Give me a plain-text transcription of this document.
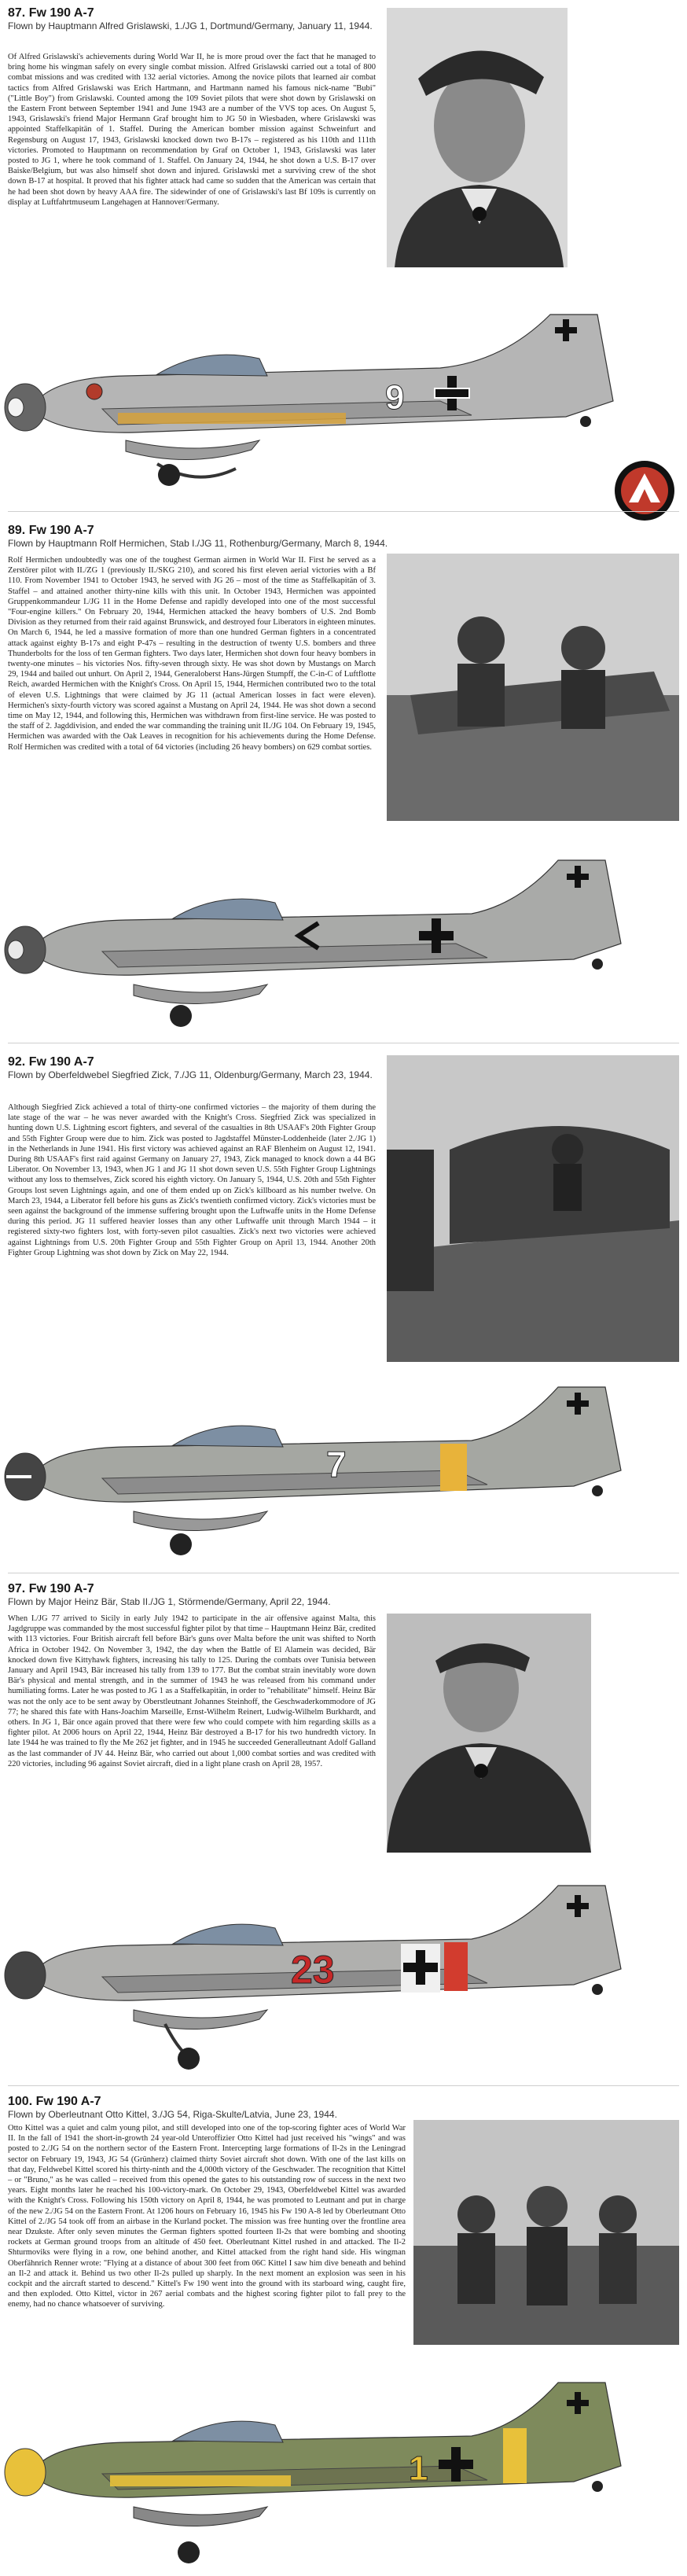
87. Fw 190 A-7
Flown by Hauptmann Alfred Grislawski, 1./JG 1, Dortmund/Germany, January 11, 1944.

Of Alfred Grislawski's achievements during World War II, he is more proud over the fact that he managed to bring home his wingman safely on every single combat mission. Alfred Grislawski carried out a total of 800 combat missions and was credited with 132 aerial victories. Among the novice pilots that learned air combat tactics from Alfred Grislawski was Erich Hartmann, and Hartmann named his famous nick-name "Bubi" ("Little Boy") from Grislawski. Counted among the 109 Soviet pilots that were shot down by Grislawski on the Eastern Front between September 1941 and June 1943 are a number of the VVS top aces. On August 5, 1943, Grislawski's friend Major Hermann Graf brought him to JG 50 in Wiesbaden, where Grislawski was appointed Staffelkapitän of 1. Staffel. During the American bomber mission against Schweinfurt and Regensburg on August 17, 1943, Grislawski knocked down two B-17s – registered as his 110th and 111th victories. Promoted to Hauptmann on recommendation by Graf on October 1, 1943, Grislawski was later posted to JG 1, where he took command of 1. Staffel. On January 24, 1944, he shot down a U.S. B-17 over Baiske/Belgium, but was also himself shot down and injured. Grislawski met a surviving crew of the shot down B-17 at hospital. It proved that his fighter attack had came so sudden that the American was certain that he had been shot down by heavy AAA fire. The sidewinder of one of Grislawski's last Bf 109s is currently on display at Luftfahrtmuseum Langehagen at Hannover/Germany.

9
89. Fw 190 A-7
Flown by Hauptmann Rolf Hermichen, Stab I./JG 11, Rothenburg/Germany, March 8, 1944.

Rolf Hermichen undoubtedly was one of the toughest German airmen in World War II. First he served as a Zerstörer pilot with II./ZG 1 (previously II./SKG 210), and scored his first eleven aerial victories with a Bf 110. From November 1941 to October 1943, he served with JG 26 – most of the time as Staffelkapitän of 3. Staffel – and attained another thirty-nine kills with this unit. In October 1943, Hermichen was appointed Gruppenkommandeur I./JG 11 in the Home Defense and rapidly developed into one of the most successful "Four-engine killers." On February 20, 1944, Hermichen attacked the heavy bombers of U.S. 2nd Bomb Division as they returned from their raid against Brunswick, and destroyed four Liberators in eighteen minutes. On March 6, 1944, he led a massive formation of more than one hundred German fighters in a concentrated attack against eighty B-17s and eight P-47s – resulting in the destruction of twenty U.S. bombers and three Thunderbolts for the loss of ten German fighters. Two days later, Hermichen shot down four heavy bombers in twenty-one minutes – his victories Nos. fifty-seven through sixty. He was shot down by Mustangs on March 29, 1944 and bailed out unhurt. On April 2, 1944, Generaloberst Hans-Jürgen Stumpff, the C-in-C of Luftflotte Reich, awarded Hermichen with the Knight's Cross. On April 15, 1944, Hermichen contributed two to the total of eleven U.S. Lightnings that were claimed by JG 11 (actual American losses in fact were eleven). Hermichen's sixty-fourth victory was scored against a Mustang on April 24, 1944. He was shot down a second time on May 12, 1944, and following this, Hermichen was withdrawn from first-line service. He was posted to the staff of 2. Jagddivision, and ended the war commanding the training unit II./JG 104. On February 19, 1945, Hermichen was awarded with the Oak Leaves in recognition for his achievements during the Home Defense. Rolf Hermichen was credited with a total of 64 victories (including 26 heavy bombers) on 629 combat sorties.

92. Fw 190 A-7
Flown by Oberfeldwebel Siegfried Zick, 7./JG 11, Oldenburg/Germany, March 23, 1944.

Although Siegfried Zick achieved a total of thirty-one confirmed victories – the majority of them during the late stage of the war – he was never awarded with the Knight's Cross. Siegfried Zick was specialized in hunting down U.S. Lightning escort fighters, and several of the casualties in 8th USAAF's 20th Fighter Group and 55th Fighter Group were due to him. Zick was posted to Jagdstaffel Münster-Loddenheide (later 2./JG 1) in the Netherlands in June 1941. His first victory was achieved against an RAF Blenheim on August 12, 1941. During 8th USAAF's first raid against Germany on January 27, 1943, Zick managed to knock down a 44 BG Liberator. On November 13, 1943, when JG 1 and JG 11 shot down seven U.S. 55th Fighter Group Lightnings without any loss to themselves, Zick scored his eighth victory. On January 5, 1944, U.S. 20th and 55th Fighter Groups lost seven Lightnings again, and one of them ended up on Zick's killboard as his number twelve. On March 23, 1944, a Liberator fell before his guns as Zick's twentieth confirmed victory. Zick's victories must be seen against the background of the immense suffering brought upon the Luftwaffe units in the Home Defense during this period. JG 11 suffered heavier losses than any other Luftwaffe unit through March 1944 – it registered sixty-two fighters lost, with forty-seven pilot casualties. Zick's next two victories were achieved against Lightnings from U.S. 20th Fighter Group and 55th Fighter Group on April 13, 1944. Another 20th Fighter Group Lightning was shot down by Zick on May 22, 1944.

7
97. Fw 190 A-7
Flown by Major Heinz Bär, Stab II./JG 1, Störmende/Germany, April 22, 1944.

When I./JG 77 arrived to Sicily in early July 1942 to participate in the air offensive against Malta, this Jagdgruppe was commanded by the most successful fighter pilot by that time – Hauptmann Heinz Bär, credited with 113 victories. Four British aircraft fell before Bär's guns over Malta before the unit was shifted to North Africa in October 1942. On November 3, 1942, the day when the Battle of El Alamein was decided, Bär knocked down five Kittyhawk fighters, increasing his tally to 125. During the combats over Tunisia between January and April 1943, Bär increased his tally from 139 to 177. But the combat strain inevitably wore down Bär's physical and mental strength, and in the summer of 1943 he was released from his command under humiliating forms. Later he was posted to JG 1 as a Staffelkapitän, in order to "rehabilitate" himself. Heinz Bär was not the only ace to be sent away by Oberstleutnant Johannes Steinhoff, the Geschwaderkommodore of JG 77; he shared this fate with Hans-Joachim Marseille, Ernst-Wilhelm Reinert, Ludwig-Wilhelm Burkhardt, and others. In JG 1, Bär once again proved that there were few who could compete with him regarding skills as a fighter pilot. At 2006 hours on April 22, 1944, Heinz Bär destroyed a B-17 for his two hundredth victory. In late 1944 he was trained to fly the Me 262 jet fighter, and in 1945 he succeeded Generalleutnant Adolf Galland as the last commander of JV 44. Heinz Bär, who carried out about 1,000 combat sorties and was credited with 220 victories, including 96 against Soviet aircraft, died in a light plane crash on April 28, 1957.

23
100. Fw 190 A-7
Flown by Oberleutnant Otto Kittel, 3./JG 54, Riga-Skulte/Latvia, June 23, 1944.

Otto Kittel was a quiet and calm young pilot, and still developed into one of the top-scoring fighter aces of World War II. In the fall of 1941 the short-in-growth 24 year-old Unteroffizier Otto Kittel had just received his "wings" and was posted to 2./JG 54 on the northern sector of the Eastern Front. Intercepting large formations of Il-2s in the Leningrad sector on February 19, 1943, JG 54 (Grünherz) claimed thirty Soviet aircraft shot down. With one of the last kills on that day, Feldwebel Kittel scored his thirty-ninth and the 4,000th victory of the Geschwader. The recognition that Kittel – or "Bruno," as he was called – received from this opened the gates to his outstanding row of success in the next two years. Eight months later he reached his 100-victory-mark. On October 29, 1943, Oberfeldwebel Kittel was awarded with the Knight's Cross. Following his 150th victory on April 8, 1944, he was promoted to Leutnant and put in charge of the new 2./JG 54 on the Eastern Front. At 1206 hours on February 16, 1945 his Fw 190 A-8 led by Oberleutnant Otto Kittel of 2./JG 54 took off from an airbase in the Kurland pocket. The mission was free hunting over the frontline area near Dzukste. After only seven minutes the German fighters spotted fourteen Il-2s that were bombing and shooting rockets at German ground troops from an altitude of 450 feet. Oberleutnant Kittel rushed in and attacked. The Il-2 Shturmoviks were flying in a row, one behind another, and Kittel attacked from the right hand side. His wingman Oberfähnrich Renner wrote: "Flying at a distance of about 300 feet from 06C Kittel I saw him dive beneath and behind an Il-2 and attack it. Behind us two other Il-2s pulled up sharply. In the next moment an explosion was seen in his cockpit and the aircraft started to descend." Kittel's Fw 190 went into the ground with its starboard wing, caught fire, and then exploded. Otto Kittel, victor in 267 aerial combats and the highest scoring fighter pilot to fall prey to the enemy, had no chance whatsoever of surviving.

1
